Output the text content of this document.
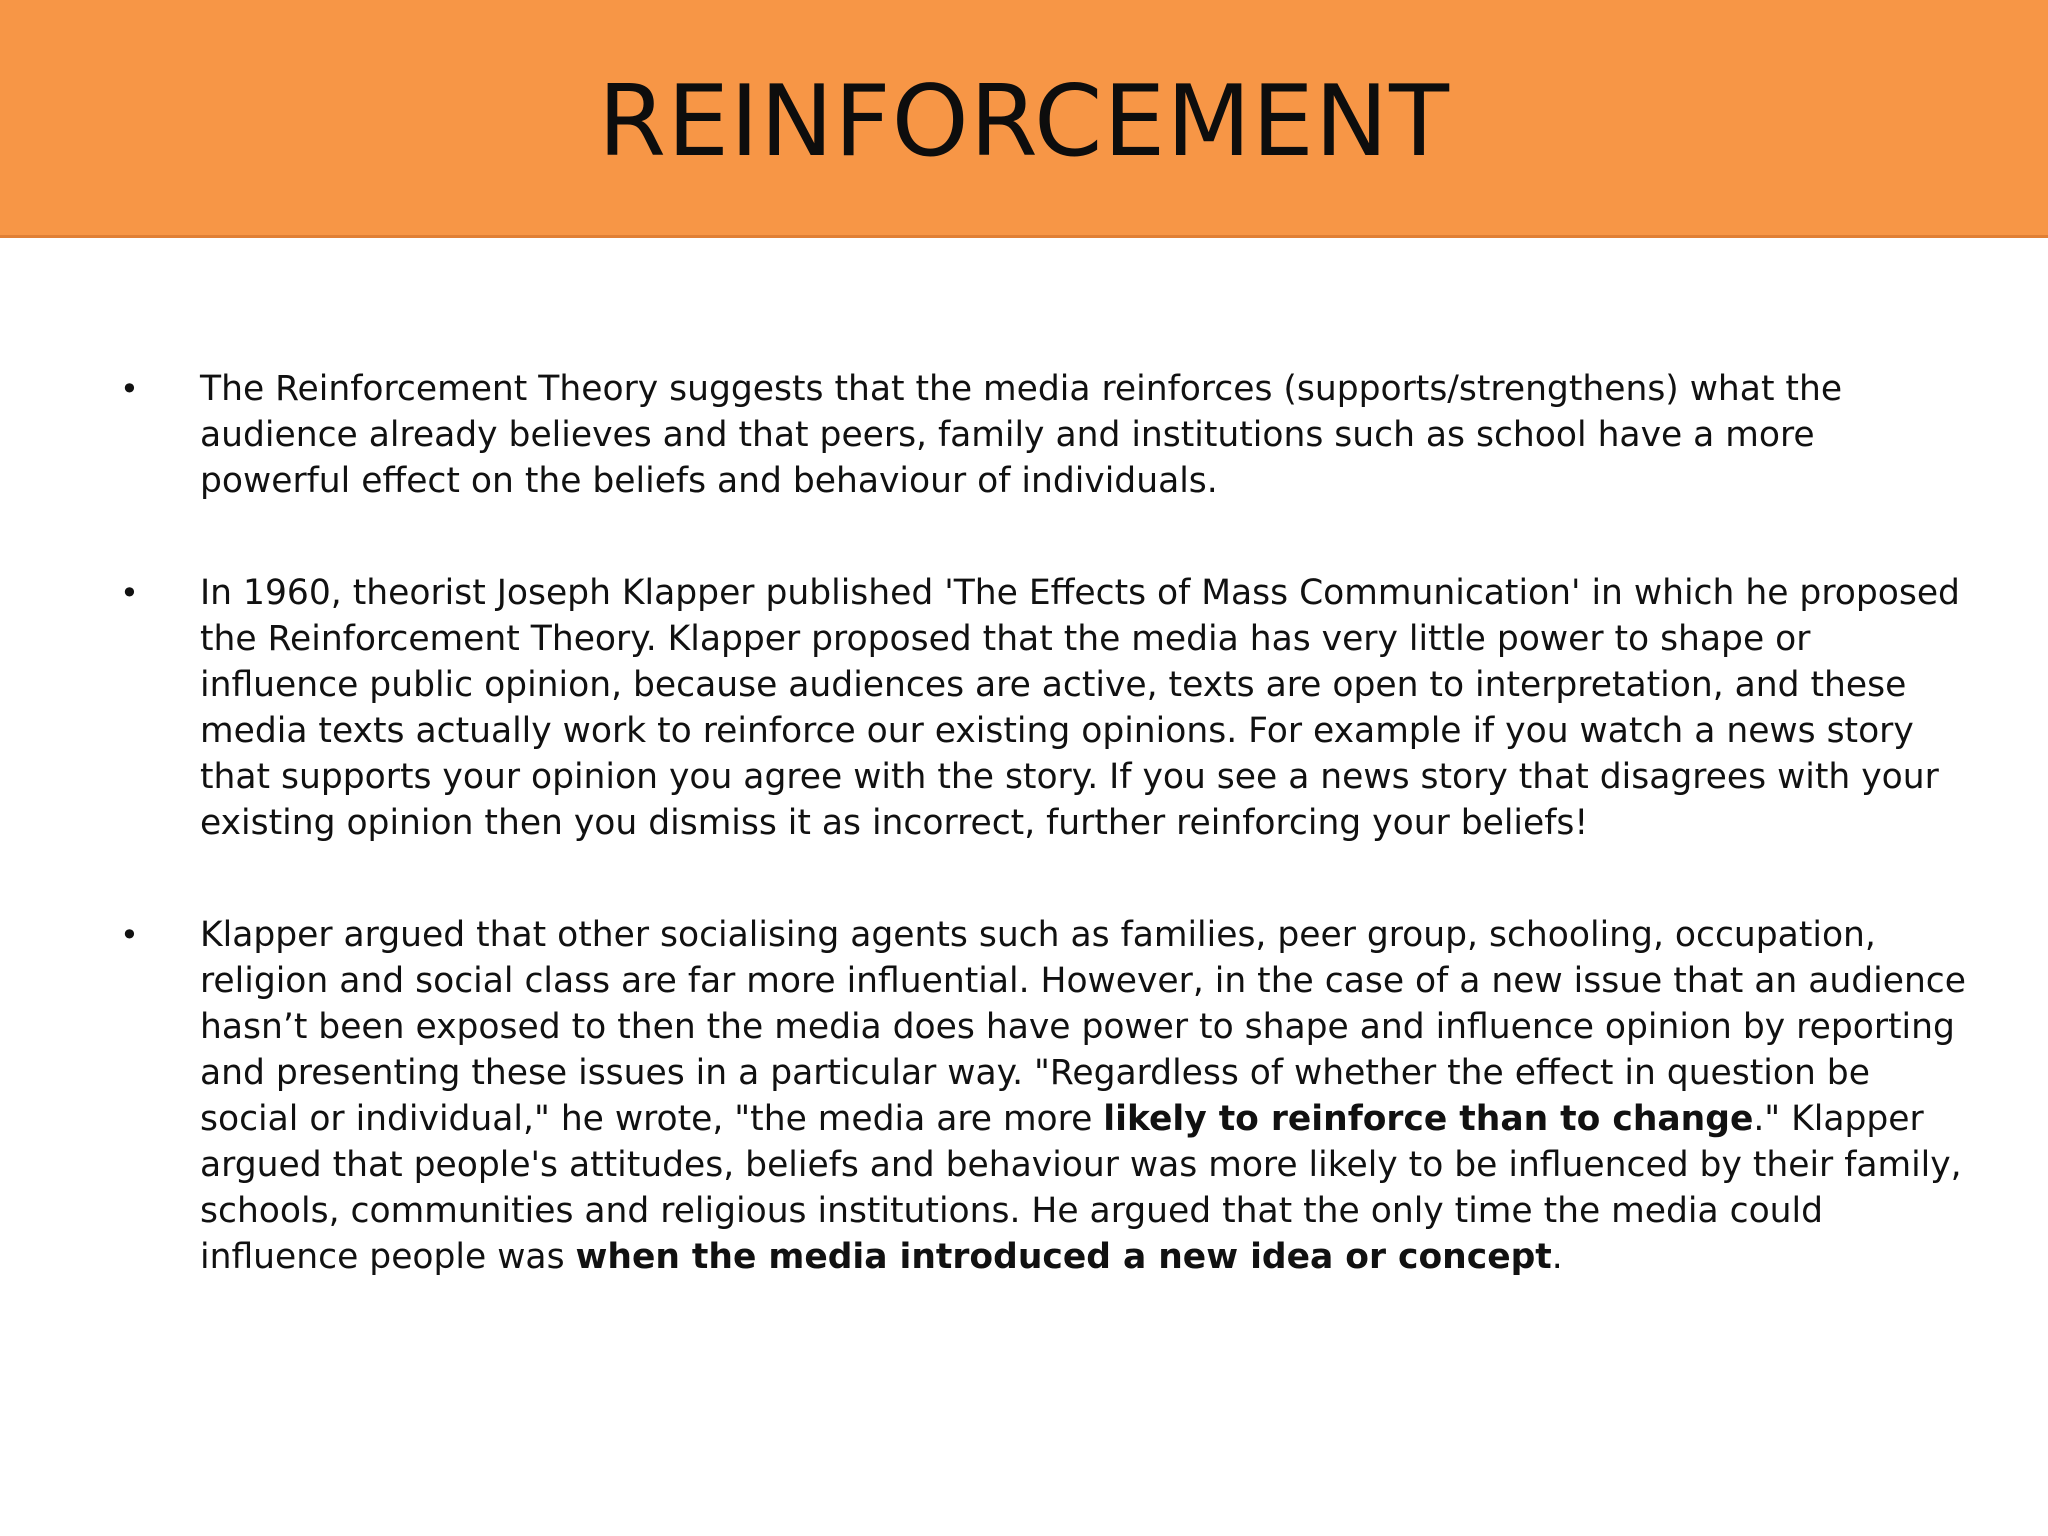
REINFORCEMENT
• The Reinforcement Theory suggests that the media reinforces (supports/strengthens) what the audience already believes and that peers, family and institutions such as school have a more powerful effect on the beliefs and behaviour of individuals.
• In 1960, theorist Joseph Klapper published 'The Effects of Mass Communication' in which he proposed the Reinforcement Theory. Klapper proposed that the media has very little power to shape or influence public opinion, because audiences are active, texts are open to interpretation, and these media texts actually work to reinforce our existing opinions. For example if you watch a news story that supports your opinion you agree with the story. If you see a news story that disagrees with your existing opinion then you dismiss it as incorrect, further reinforcing your beliefs!
• Klapper argued that other socialising agents such as families, peer group, schooling, occupation, religion and social class are far more influential. However, in the case of a new issue that an audience hasn’t been exposed to then the media does have power to shape and influence opinion by reporting and presenting these issues in a particular way. "Regardless of whether the effect in question be social or individual," he wrote, "the media are more likely to reinforce than to change." Klapper argued that people's attitudes, beliefs and behaviour was more likely to be influenced by their family, schools, communities and religious institutions. He argued that the only time the media could influence people was when the media introduced a new idea or concept.
